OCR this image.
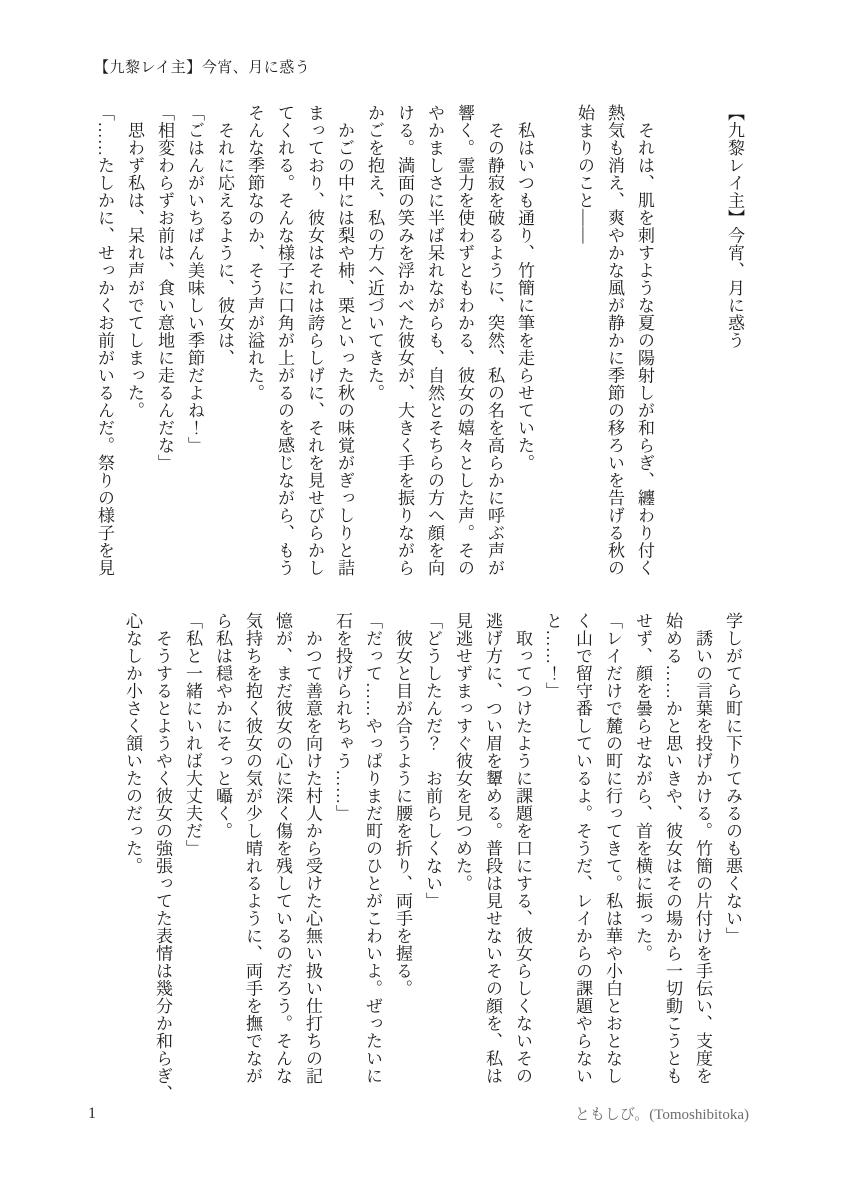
【九黎レイ主】今宵、月に惑う
【九黎レイ主】今宵、月に惑う

　それは、肌を刺すような夏の陽射しが和らぎ、纏わり付く
熱気も消え、爽やかな風が静かに季節の移ろいを告げる秋の
始まりのこと――

　私はいつも通り、竹簡に筆を走らせていた。
　その静寂を破るように、突然、私の名を高らかに呼ぶ声が
響く。霊力を使わずともわかる、彼女の嬉々とした声。その
やかましさに半ば呆れながらも、自然とそちらの方へ顔を向
ける。満面の笑みを浮かべた彼女が、大きく手を振りながら
かごを抱え、私の方へ近づいてきた。
　かごの中には梨や柿、栗といった秋の味覚がぎっしりと詰
まっており、彼女はそれは誇らしげに、それを見せびらかし
てくれる。そんな様子に口角が上がるのを感じながら、もう
そんな季節なのか、そう声が溢れた。
　それに応えるように、彼女は、
「ごはんがいちばん美味しい季節だよね！」
「相変わらずお前は、食い意地に走るんだな」
　思わず私は、呆れ声がでてしまった。
「……たしかに、せっかくお前がいるんだ。祭りの様子を見
学しがてら町に下りてみるのも悪くない」
　誘いの言葉を投げかける。竹簡の片付けを手伝い、支度を
始める……かと思いきや、彼女はその場から一切動こうとも
せず、顔を曇らせながら、首を横に振った。
「レイだけで麓の町に行ってきて。私は華や小白とおとなし
く山で留守番しているよ。そうだ、レイからの課題やらない
と……！」
　取ってつけたように課題を口にする、彼女らしくないその
逃げ方に、つい眉を顰める。普段は見せないその顔を、私は
見逃せずまっすぐ彼女を見つめた。
「どうしたんだ？　お前らしくない」
　彼女と目が合うように腰を折り、両手を握る。
「だって……やっぱりまだ町のひとがこわいよ。ぜったいに
石を投げられちゃう……」
　かつて善意を向けた村人から受けた心無い扱い仕打ちの記
憶が、まだ彼女の心に深く傷を残しているのだろう。そんな
気持ちを抱く彼女の気が少し晴れるように、両手を撫でなが
ら私は穏やかにそっと囁く。
「私と一緒にいれば大丈夫だ」
　そうするとようやく彼女の強張ってた表情は幾分か和らぎ、
心なしか小さく頷いたのだった。
1	ともしび。(Tomoshibitoka)
